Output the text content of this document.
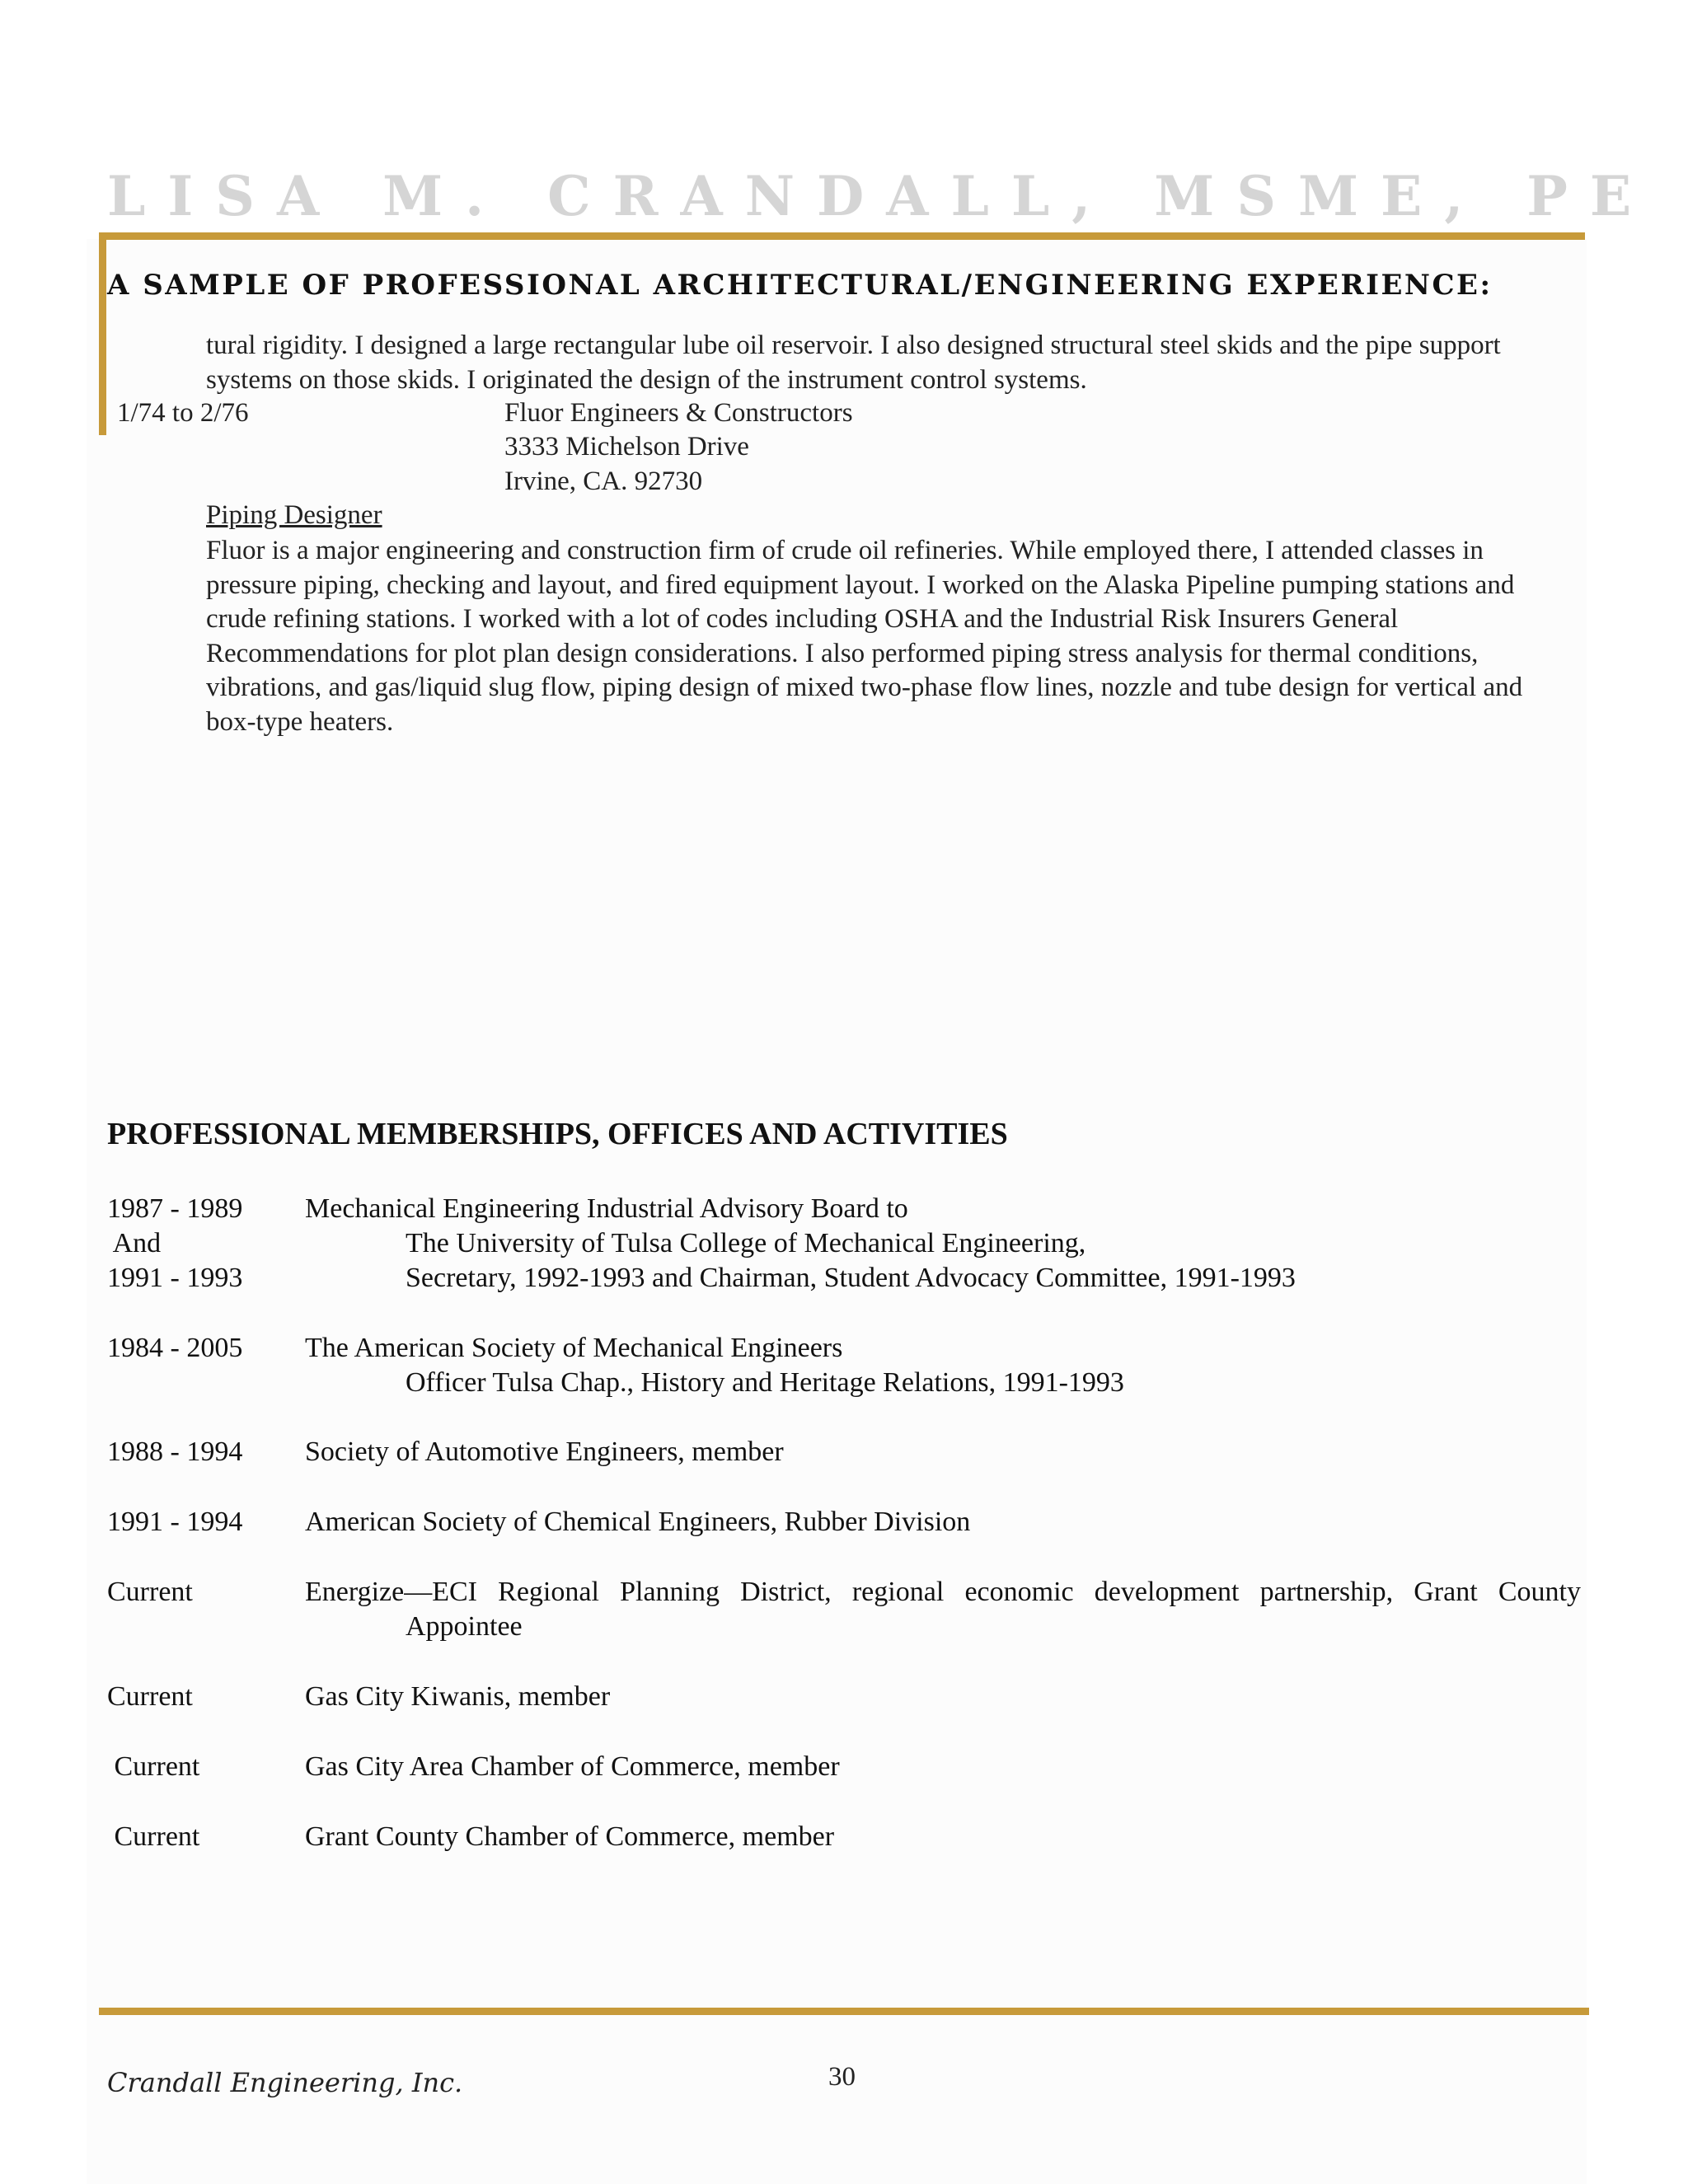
LISA M. CRANDALL, MSME, PE
A SAMPLE OF PROFESSIONAL ARCHITECTURAL/ENGINEERING EXPERIENCE:
tural rigidity. I designed a large rectangular lube oil reservoir. I also designed structural steel skids and the pipe support systems on those skids. I originated the design of the instrument control systems.
1/74 to 2/76	Fluor Engineers & Constructors
3333 Michelson Drive
Irvine, CA. 92730
Piping Designer
Fluor is a major engineering and construction firm of crude oil refineries. While employed there, I attended classes in pressure piping, checking and layout, and fired equipment layout. I worked on the Alaska Pipeline pumping stations and crude refining stations. I worked with a lot of codes including OSHA and the Industrial Risk Insurers General Recommendations for plot plan design considerations. I also performed piping stress analysis for thermal conditions, vibrations, and gas/liquid slug flow, piping design of mixed two-phase flow lines, nozzle and tube design for vertical and box-type heaters.
PROFESSIONAL MEMBERSHIPS, OFFICES AND ACTIVITIES
1987 - 1989 Mechanical Engineering Industrial Advisory Board to
And	The University of Tulsa College of Mechanical Engineering,
1991 - 1993	Secretary, 1992-1993 and Chairman, Student Advocacy Committee, 1991-1993
1984 - 2005 The American Society of Mechanical Engineers
Officer Tulsa Chap., History and Heritage Relations, 1991-1993
1988 - 1994 Society of Automotive Engineers, member
1991 - 1994 American Society of Chemical Engineers, Rubber Division
Current	Energize—ECI Regional Planning District, regional economic development partnership, Grant County
Appointee
Current	Gas City Kiwanis, member
Current	Gas City Area Chamber of Commerce, member
Current	Grant County Chamber of Commerce, member
Crandall Engineering, Inc.	30
